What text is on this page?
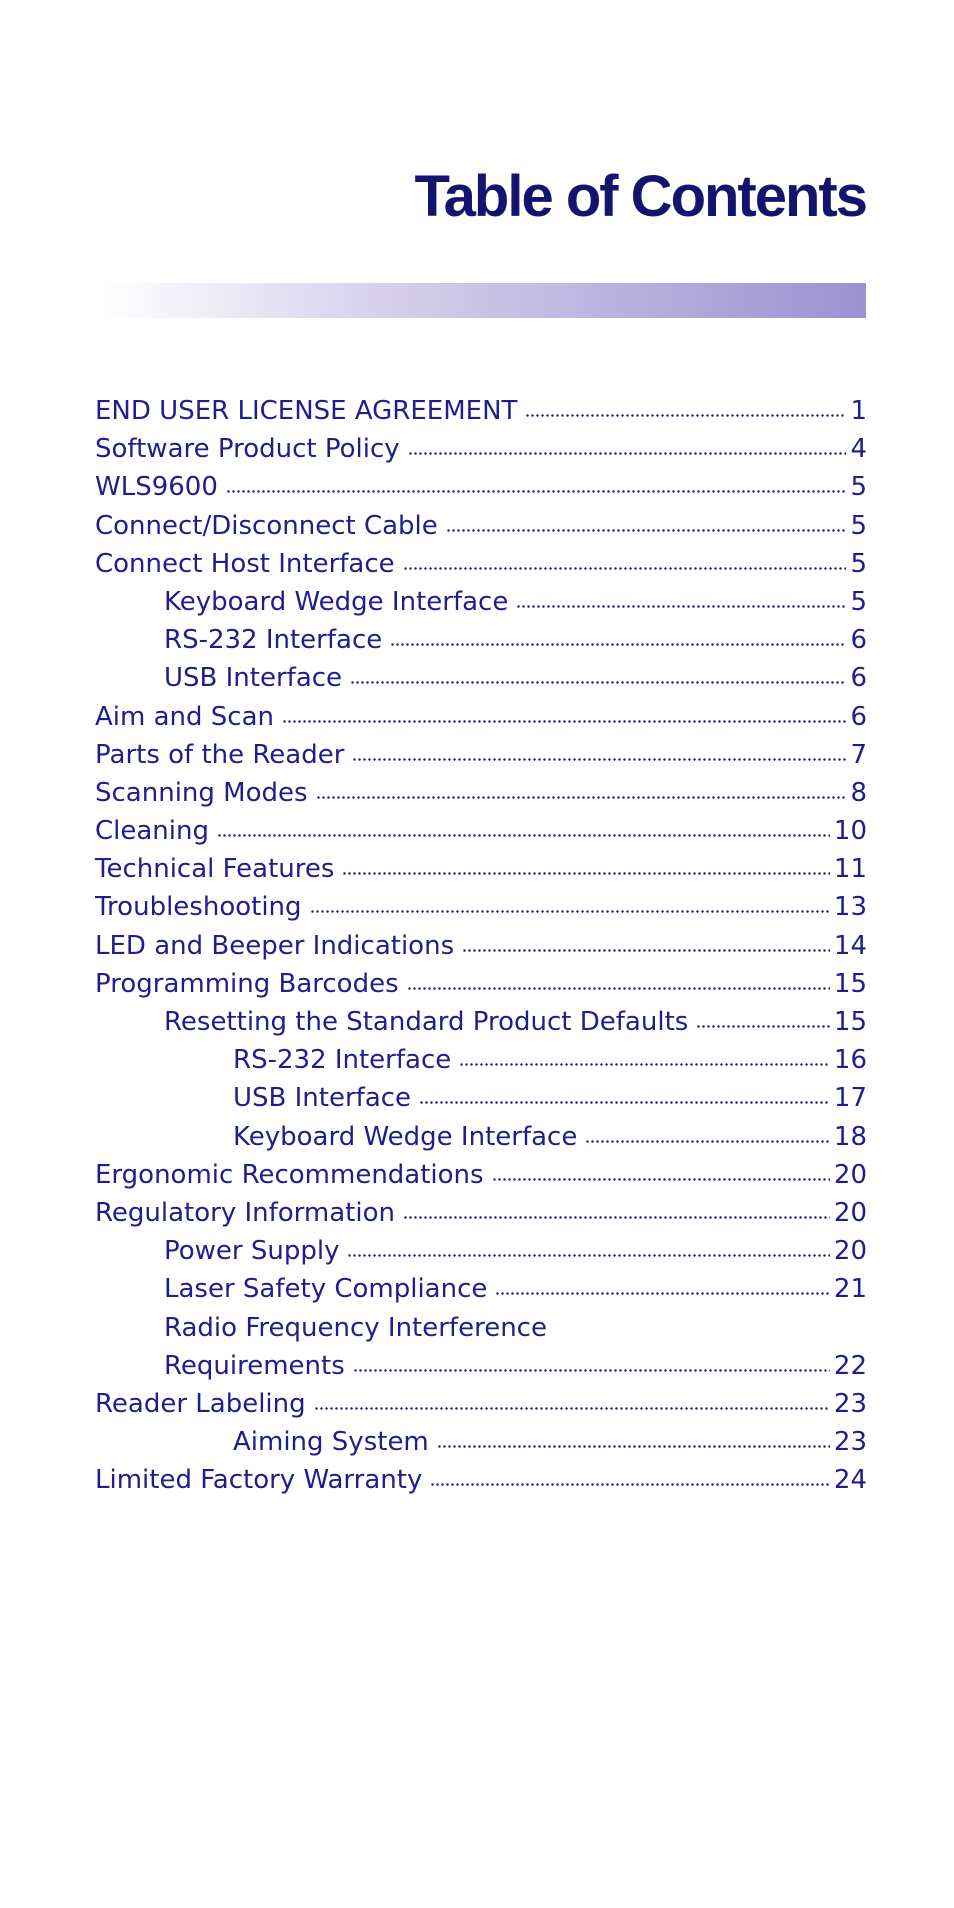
Table of Contents
END USER LICENSE AGREEMENT	1
Software Product Policy	4
WLS9600	5
Connect/Disconnect Cable	5
Connect Host Interface	5
Keyboard Wedge Interface	5
RS-232 Interface	6
USB Interface	6
Aim and Scan	6
Parts of the Reader	7
Scanning Modes	8
Cleaning	10
Technical Features	11
Troubleshooting	13
LED and Beeper Indications	14
Programming Barcodes	15
Resetting the Standard Product Defaults	15
RS-232 Interface	16
USB Interface	17
Keyboard Wedge Interface	18
Ergonomic Recommendations	20
Regulatory Information	20
Power Supply	20
Laser Safety Compliance	21
Radio Frequency Interference
Requirements	22
Reader Labeling	23
Aiming System	23
Limited Factory Warranty	24
